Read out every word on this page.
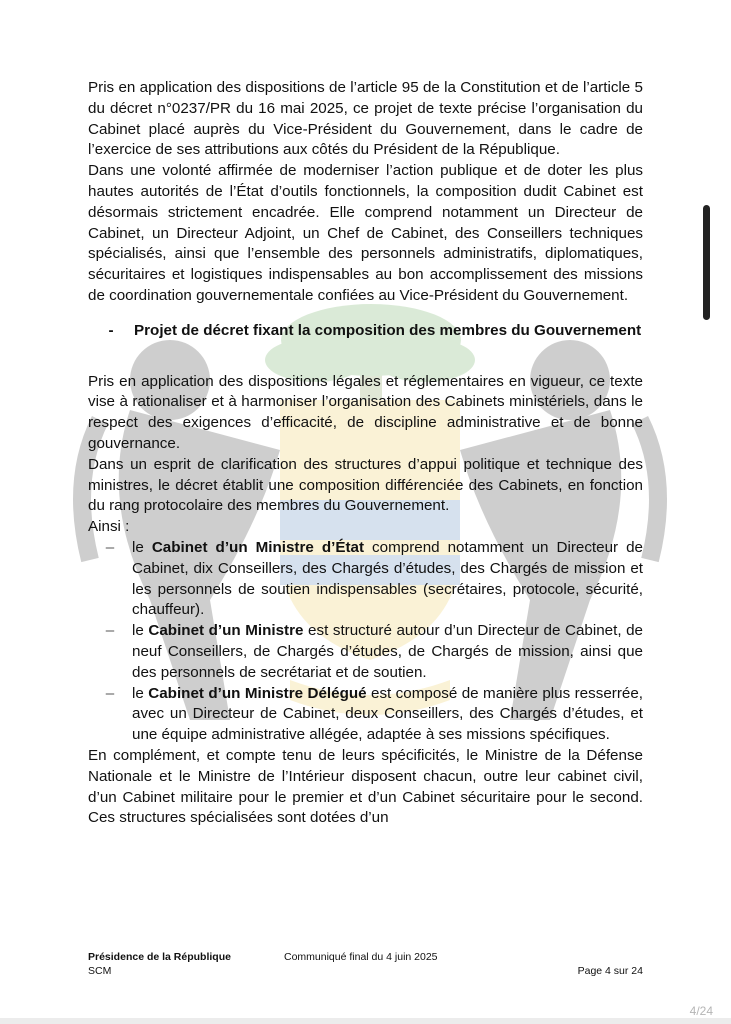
Pris en application des dispositions de l’article 95 de la Constitution et de l’article 5 du décret n°0237/PR du 16 mai 2025, ce projet de texte précise l’organisation du Cabinet placé auprès du Vice-Président du Gouvernement, dans le cadre de l’exercice de ses attributions aux côtés du Président de la République.

Dans une volonté affirmée de moderniser l’action publique et de doter les plus hautes autorités de l’État d’outils fonctionnels, la composition dudit Cabinet est désormais strictement encadrée. Elle comprend notamment un Directeur de Cabinet, un Directeur Adjoint, un Chef de Cabinet, des Conseillers techniques spécialisés, ainsi que l’ensemble des personnels administratifs, diplomatiques, sécuritaires et logistiques indispensables au bon accomplissement des missions de coordination gouvernementale confiées au Vice-Président du Gouvernement.

-	Projet de décret fixant la composition des membres du Gouvernement

Pris en application des dispositions légales et réglementaires en vigueur, ce texte vise à rationaliser et à harmoniser l’organisation des Cabinets ministériels, dans le respect des exigences d’efficacité, de discipline administrative et de bonne gouvernance.

Dans un esprit de clarification des structures d’appui politique et technique des ministres, le décret établit une composition différenciée des Cabinets, en fonction du rang protocolaire des membres du Gouvernement.

Ainsi :

–	le Cabinet d’un Ministre d’État comprend notamment un Directeur de Cabinet, dix Conseillers, des Chargés d’études, des Chargés de mission et les personnels de soutien indispensables (secrétaires, protocole, sécurité, chauffeur).
–	le Cabinet d’un Ministre est structuré autour d’un Directeur de Cabinet, de neuf Conseillers, de Chargés d’études, de Chargés de mission, ainsi que des personnels de secrétariat et de soutien.
–	le Cabinet d’un Ministre Délégué est composé de manière plus resserrée, avec un Directeur de Cabinet, deux Conseillers, des Chargés d’études, et une équipe administrative allégée, adaptée à ses missions spécifiques.

En complément, et compte tenu de leurs spécificités, le Ministre de la Défense Nationale et le Ministre de l’Intérieur disposent chacun, outre leur cabinet civil, d’un Cabinet militaire pour le premier et d’un Cabinet sécuritaire pour le second. Ces structures spécialisées sont dotées d’un

Présidence de la République	Communiqué final du 4 juin 2025
SCM	Page 4 sur 24
4/24
